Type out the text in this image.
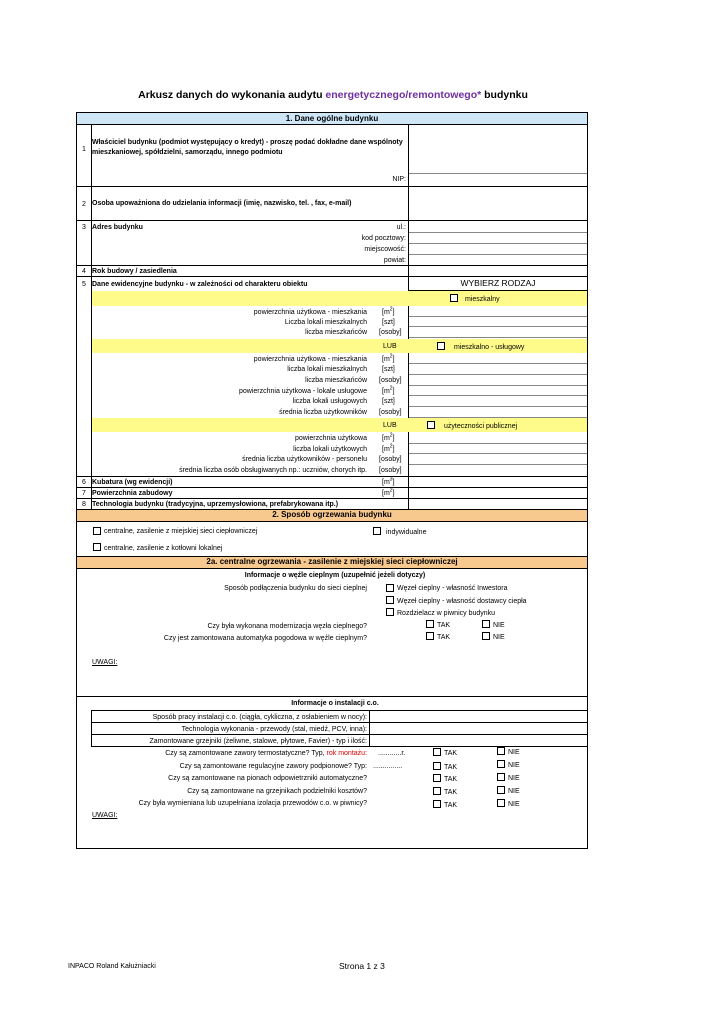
Arkusz danych do wykonania audytu energetycznego/remontowego* budynku
1. Dane ogólne budynku
1
Właściciel budynku (podmiot występujący o kredyt) - proszę podać dokładne dane wspólnoty
mieszkaniowej, spółdzielni, samorządu, innego podmiotu
NIP:
2 Osoba upoważniona do udzielania informacji (imię, nazwisko, tel. , fax, e-mail)
3 Adres budynku	ul.:
kod pocztowy:
miejscowość:
powiat:
4 Rok budowy / zasiedlenia
5 Dane ewidencyjne budynku - w zależności od charakteru obiektu	WYBIERZ RODZAJ
mieszkalny
powierzchnia użytkowa - mieszkania $[m^2]$
Liczba lokali mieszkalnych [szt]
liczba mieszkańców [osoby]
LUB	mieszkalno - usługowy
powierzchnia użytkowa - mieszkania $[m^2]$
liczba lokali mieszkalnych [szt]
liczba mieszkańców [osoby]
powierzchnia użytkowa - lokale usługowe $[m^2]$
liczba lokali usługowych [szt]
średnia liczba użytkowników [osoby]
LUB	użyteczności publicznej
powierzchnia użytkowa $[m^2]$
liczba lokali użytkowych $[m^2]$
średnia liczba użytkowników - personelu [osoby]
średnia liczba osób obsługiwanych np.: uczniów, chorych itp. [osoby]
6 Kubatura (wg ewidencji)	$[m^3]$
7 Powierzchnia zabudowy	$[m^2]$
8 Technologia budynku (tradycyjna, uprzemysłowiona, prefabrykowana itp.)
2. Sposób ogrzewania budynku
centralne, zasilenie z miejskiej sieci ciepłowniczej	indywidualne
centralne, zasilenie z kotłowni lokalnej
2a. centralne ogrzewania - zasilenie z miejskiej sieci ciepłowniczej
Informacje o węźle cieplnym (uzupełnić jeżeli dotyczy)
Sposób podłączenia budynku do sieci cieplnej	Węzeł cieplny - własność Inwestora
Węzeł cieplny - własność dostawcy ciepła
Rozdzielacz w piwnicy budynku
Czy była wykonana modernizacja węzła cieplnego?	TAK	NIE
Czy jest zamontowana automatyka pogodowa w węźle cieplnym?	TAK	NIE
UWAGI:
Informacje o instalacji c.o.
Sposób pracy instalacji c.o. (ciągła, cykliczna, z osłabieniem w nocy):
Technologia wykonania - przewody (stal, miedź, PCV, inna):
Zamontowane grzejniki (żeliwne, stalowe, płytowe, Favier) - typ i ilość:
Czy są zamontowane zawory termostatyczne? Typ, rok montażu: ............r.	TAK	NIE
Czy są zamontowane regulacyjne zawory podpionowe? Typ: ...............	TAK	NIE
Czy są zamontowane na pionach odpowietrzniki automatyczne?	TAK	NIE
Czy są zamontowane na grzejnikach podzielniki kosztów?	TAK	NIE
Czy była wymieniana lub uzupełniana izolacja przewodów c.o. w piwnicy?	TAK	NIE
UWAGI:
INPACO Roland Kałużniacki	Strona 1 z 3
